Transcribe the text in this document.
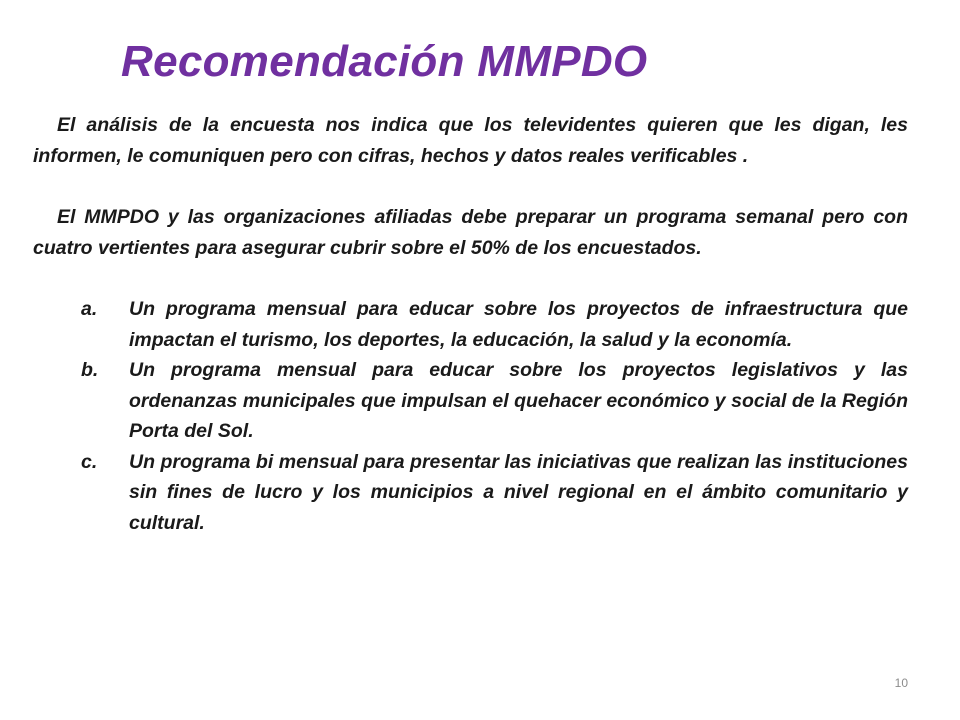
Recomendación MMPDO

El análisis de la encuesta nos indica que los televidentes quieren que les digan, les informen, le comuniquen pero con cifras, hechos y datos reales verificables .

El MMPDO y las organizaciones afiliadas debe preparar un programa semanal pero con cuatro vertientes para asegurar cubrir sobre el 50% de los encuestados.

a. Un programa mensual para educar sobre los proyectos de infraestructura que impactan el turismo, los deportes, la educación, la salud y la economía.
b. Un programa mensual para educar sobre los proyectos legislativos y las ordenanzas municipales que impulsan el quehacer económico y social de la Región Porta del Sol.
c. Un programa bi mensual para presentar las iniciativas que realizan las instituciones sin fines de lucro y los municipios a nivel regional en el ámbito comunitario y cultural.
10
